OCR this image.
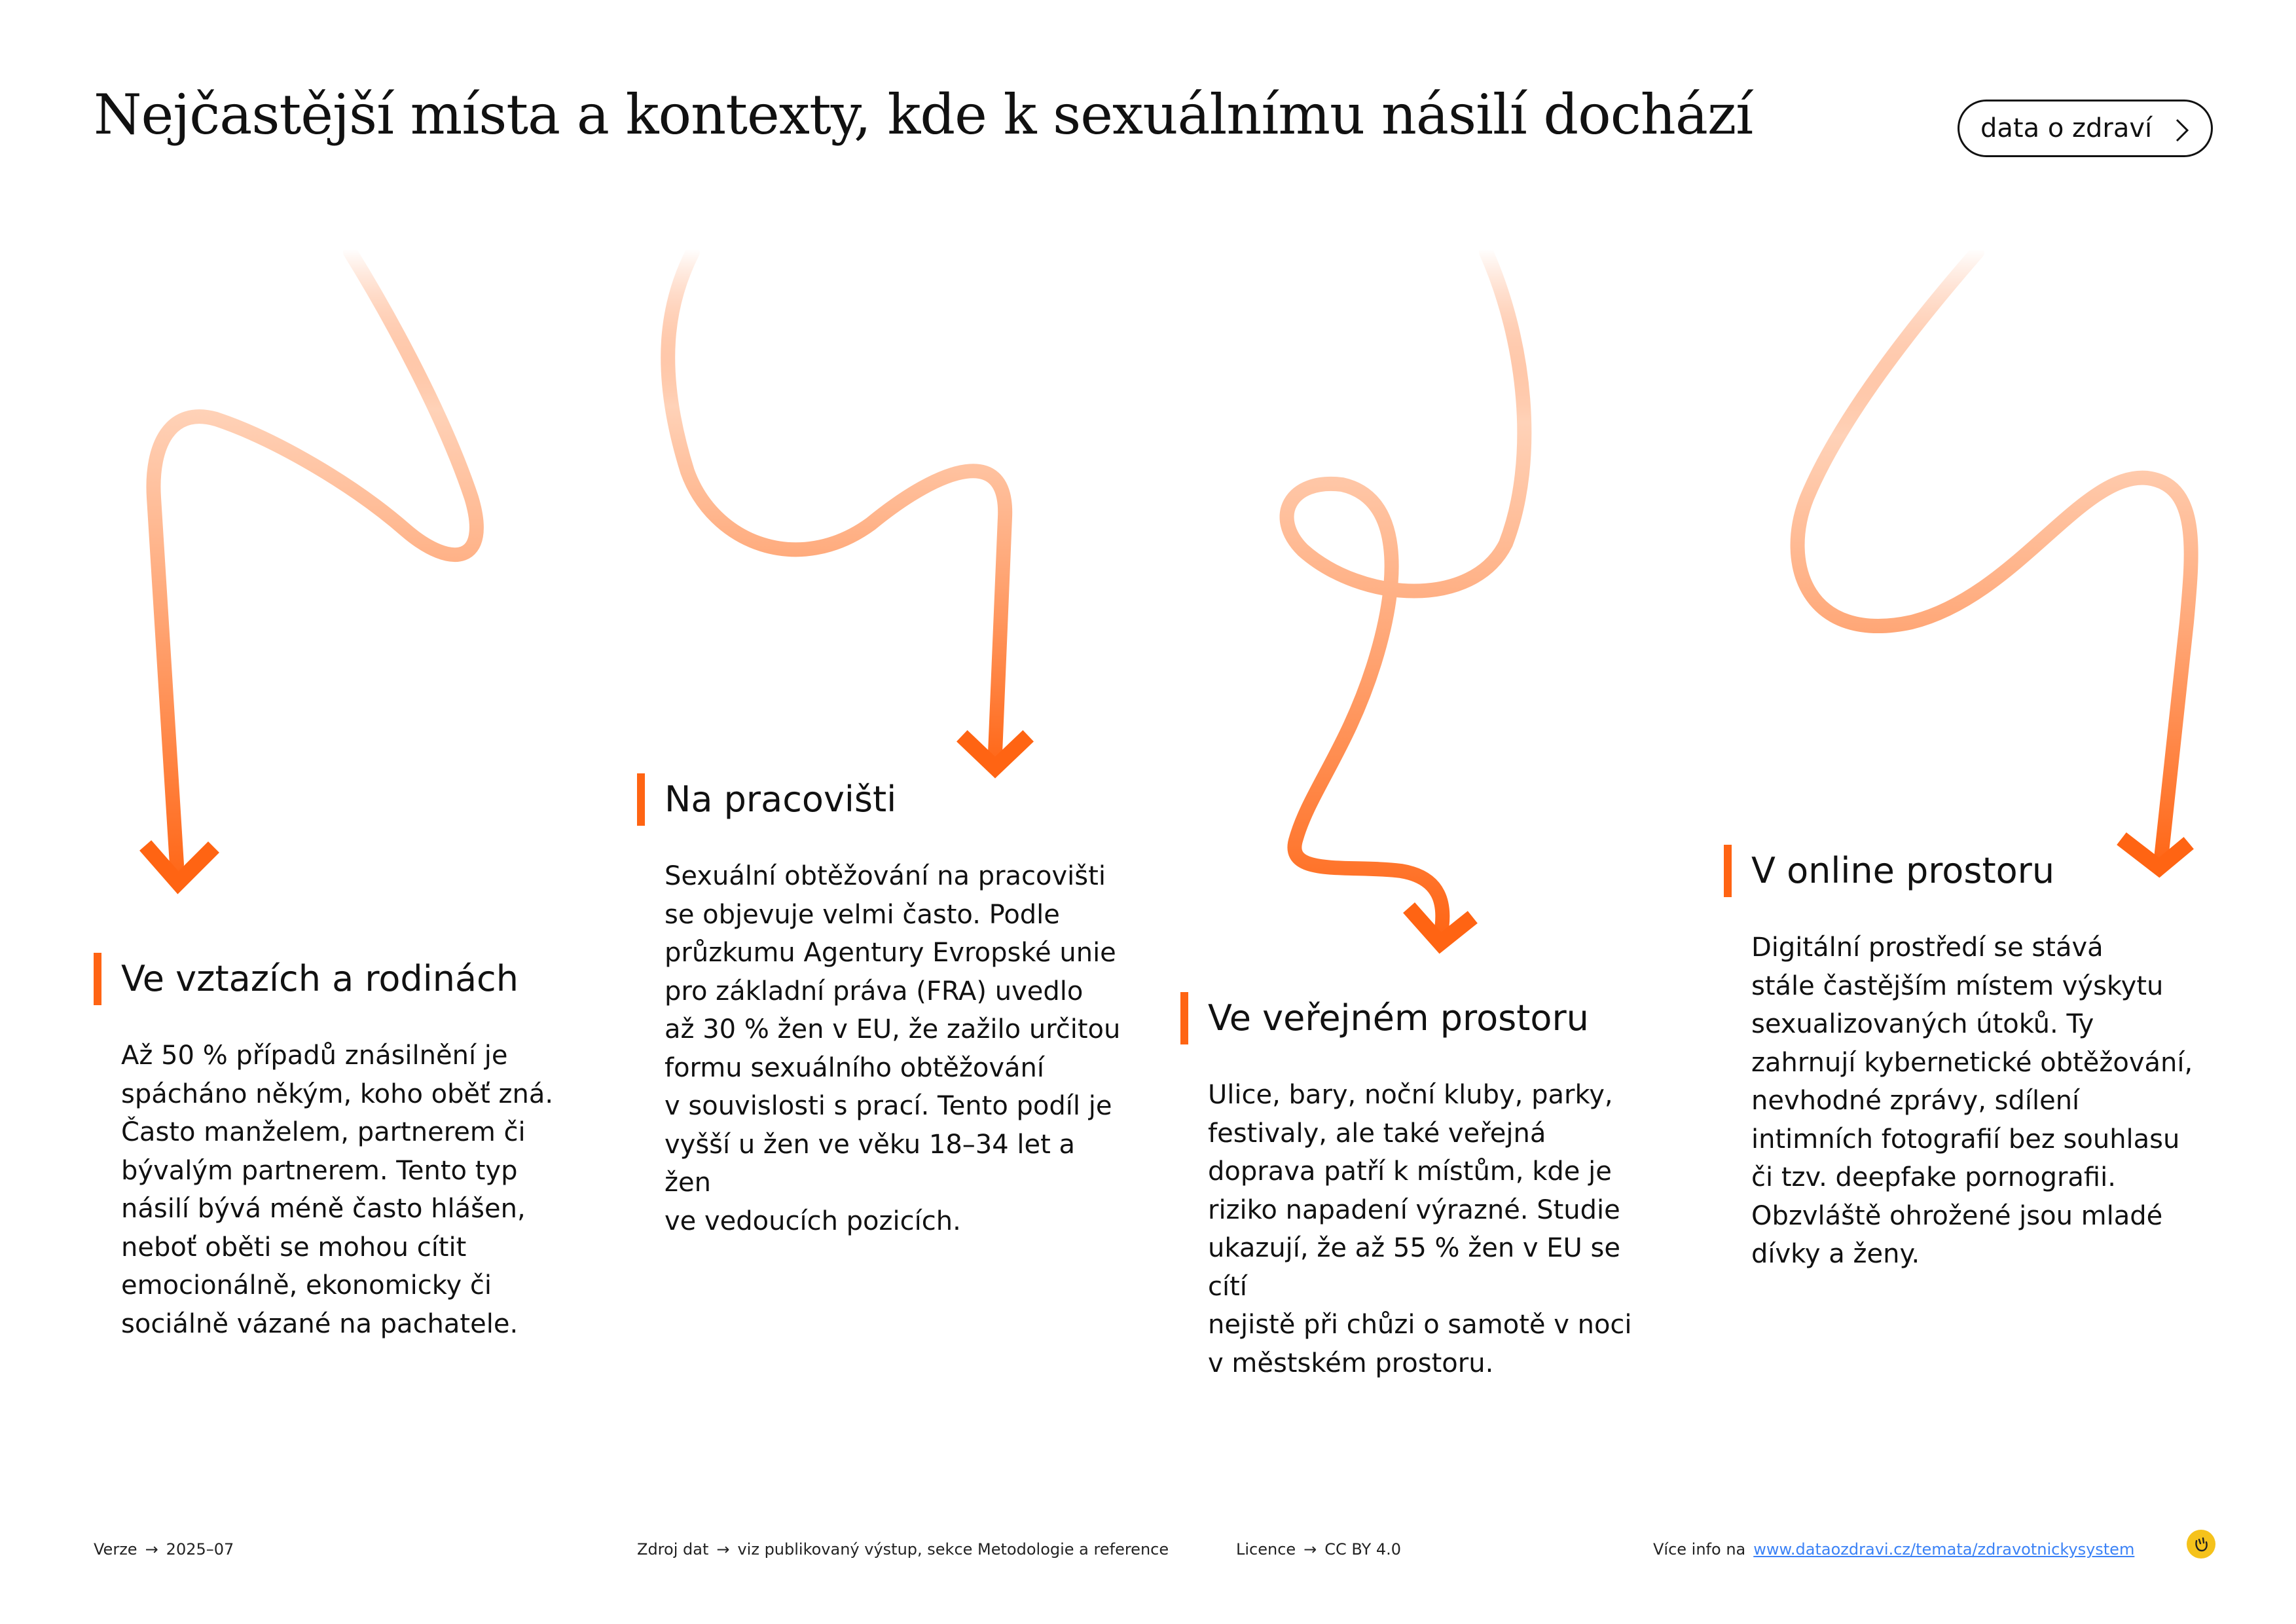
Nejčastější místa a kontexty, kde k sexuálnímu násilí dochází	data o zdraví
Ve vztazích a rodinách

Až 50 % případů znásilnění je
spácháno někým, koho oběť zná.
Často manželem, partnerem či
bývalým partnerem. Tento typ
násilí bývá méně často hlášen,
neboť oběti se mohou cítit
emocionálně, ekonomicky či
sociálně vázané na pachatele.

Na pracovišti

Sexuální obtěžování na pracovišti
se objevuje velmi často. Podle
průzkumu Agentury Evropské unie
pro základní práva (FRA) uvedlo
až 30 % žen v EU, že zažilo určitou
formu sexuálního obtěžování
v souvislosti s prací. Tento podíl je
vyšší u žen ve věku 18–34 let a žen
ve vedoucích pozicích.

Ve veřejném prostoru

Ulice, bary, noční kluby, parky,
festivaly, ale také veřejná
doprava patří k místům, kde je
riziko napadení výrazné. Studie
ukazují, že až 55 % žen v EU se cítí
nejistě při chůzi o samotě v noci
v městském prostoru.

V online prostoru

Digitální prostředí se stává
stále častějším místem výskytu
sexualizovaných útoků. Ty
zahrnují kybernetické obtěžování,
nevhodné zprávy, sdílení
intimních fotografií bez souhlasu
či tzv. deepfake pornografii.
Obzvláště ohrožené jsou mladé
dívky a ženy.

Verze → 2025–07	Zdroj dat → viz publikovaný výstup, sekce Metodologie a reference	Licence → CC BY 4.0	Více info na www.dataozdravi.cz/temata/zdravotnickysystem
